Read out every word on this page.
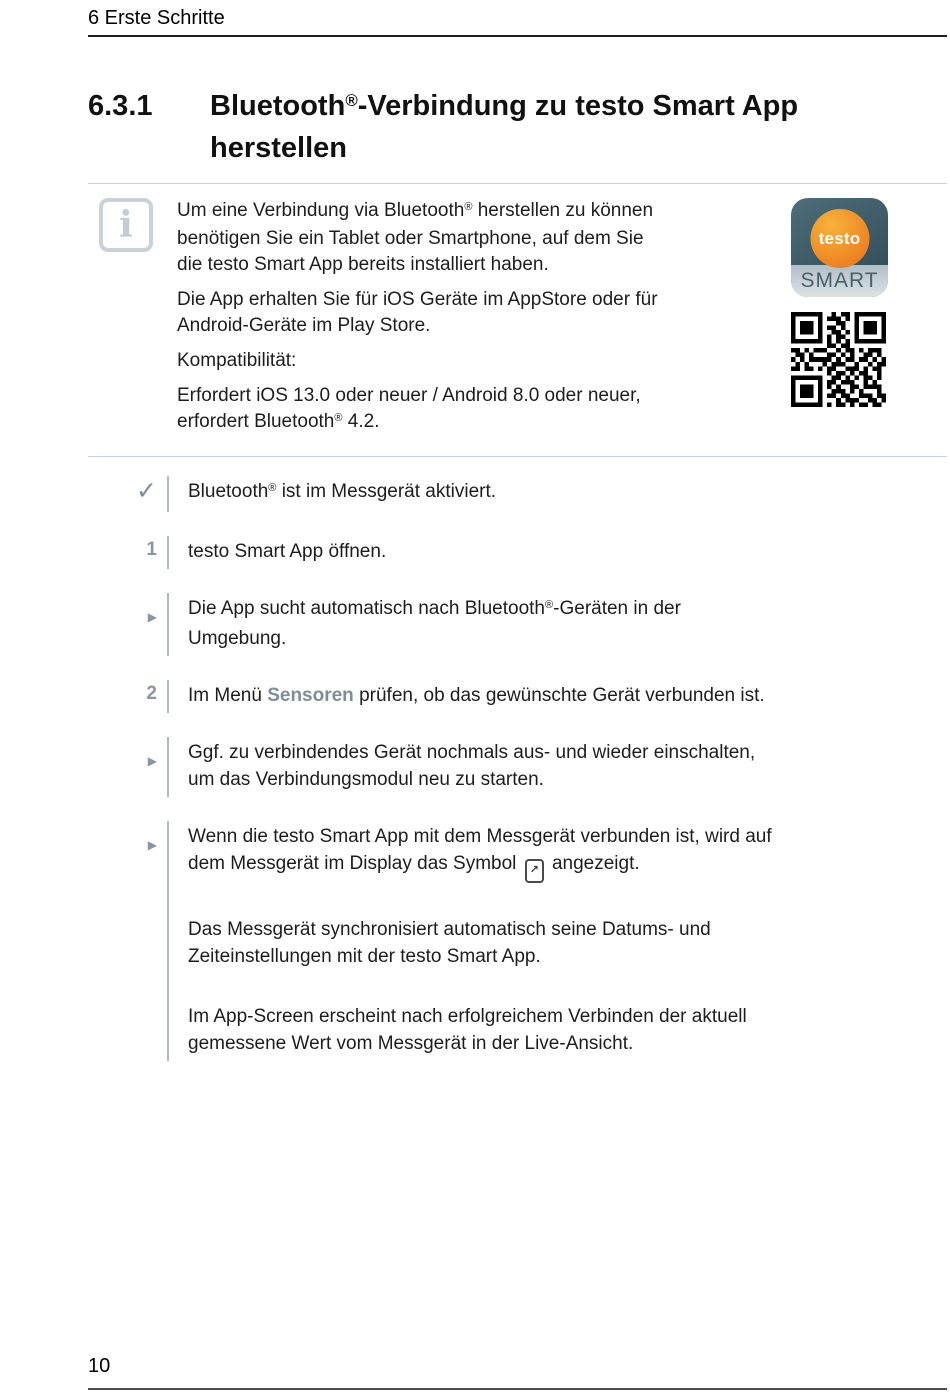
6 Erste Schritte
6.3.1	Bluetooth®-Verbindung zu testo Smart App
herstellen
i Um eine Verbindung via Bluetooth® herstellen zu können
benötigen Sie ein Tablet oder Smartphone, auf dem Sie
die testo Smart App bereits installiert haben.

Die App erhalten Sie für iOS Geräte im AppStore oder für
Android-Geräte im Play Store.

Kompatibilität:

Erfordert iOS 13.0 oder neuer / Android 8.0 oder neuer,
erfordert Bluetooth® 4.2.

testo
SMART
✓	Bluetooth® ist im Messgerät aktiviert.

1	testo Smart App öffnen.

▶	Die App sucht automatisch nach Bluetooth®-Geräten in der
Umgebung.

2	Im Menü Sensoren prüfen, ob das gewünschte Gerät verbunden ist.

▶	Ggf. zu verbindendes Gerät nochmals aus- und wieder einschalten,
um das Verbindungsmodul neu zu starten.

▶	Wenn die testo Smart App mit dem Messgerät verbunden ist, wird auf
dem Messgerät im Display das Symbol ↗ angezeigt.

Das Messgerät synchronisiert automatisch seine Datums- und
Zeiteinstellungen mit der testo Smart App.

Im App-Screen erscheint nach erfolgreichem Verbinden der aktuell
gemessene Wert vom Messgerät in der Live-Ansicht.

10
